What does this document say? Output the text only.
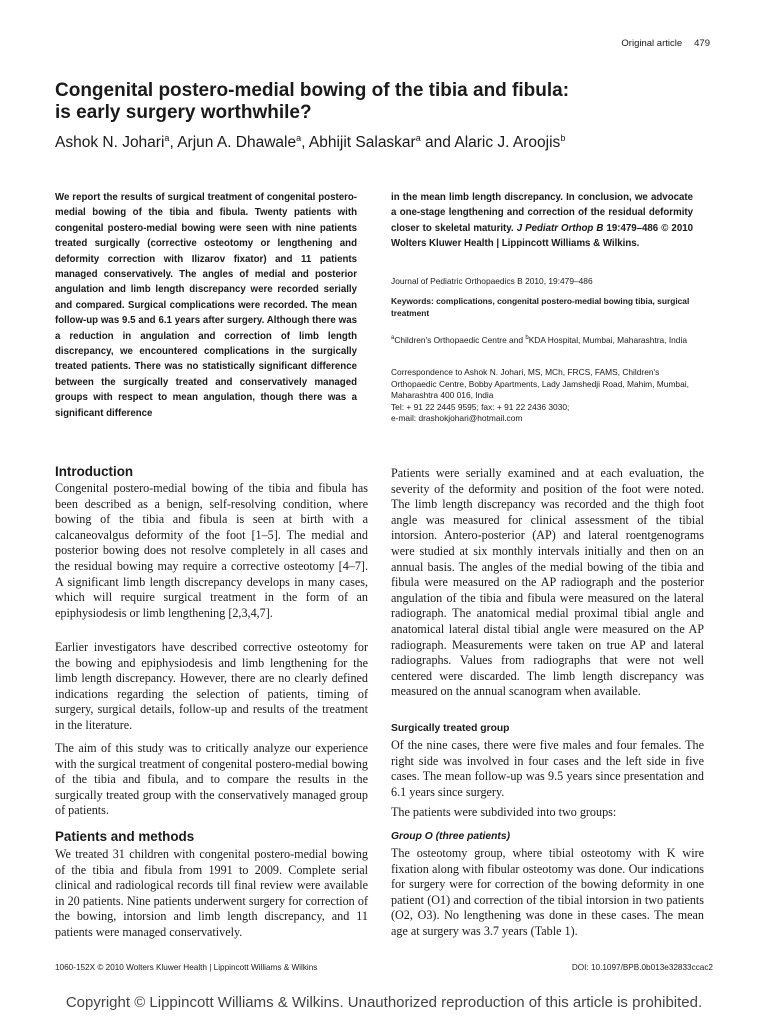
Original article 479
Congenital postero-medial bowing of the tibia and fibula:
is early surgery worthwhile?
Ashok N. Johari$^a$, Arjun A. Dhawale$^a$, Abhijit Salaskar$^a$ and Alaric J. Aroojis$^b$
We report the results of surgical treatment of congenital postero-medial bowing of the tibia and fibula. Twenty patients with congenital postero-medial bowing were seen with nine patients treated surgically (corrective osteotomy or lengthening and deformity correction with Ilizarov fixator) and 11 patients managed conservatively. The angles of medial and posterior angulation and limb length discrepancy were recorded serially and compared. Surgical complications were recorded. The mean follow-up was 9.5 and 6.1 years after surgery. Although there was a reduction in angulation and correction of limb length discrepancy, we encountered complications in the surgically treated patients. There was no statistically significant difference between the surgically treated and conservatively managed groups with respect to mean angulation, though there was a significant difference
in the mean limb length discrepancy. In conclusion, we advocate a one-stage lengthening and correction of the residual deformity closer to skeletal maturity. J Pediatr Orthop B 19:479–486 © 2010 Wolters Kluwer Health | Lippincott Williams & Wilkins.
Journal of Pediatric Orthopaedics B 2010, 19:479–486
Keywords: complications, congenital postero-medial bowing tibia, surgical treatment
$^a$Children's Orthopaedic Centre and $^b$KDA Hospital, Mumbai, Maharashtra, India
Correspondence to Ashok N. Johari, MS, MCh, FRCS, FAMS, Children's Orthopaedic Centre, Bobby Apartments, Lady Jamshedji Road, Mahim, Mumbai, Maharashtra 400 016, India
Tel: + 91 22 2445 9595; fax: + 91 22 2436 3030;
e-mail: drashokjohari@hotmail.com
Introduction

Congenital postero-medial bowing of the tibia and fibula has been described as a benign, self-resolving condition, where bowing of the tibia and fibula is seen at birth with a calcaneovalgus deformity of the foot [1–5]. The medial and posterior bowing does not resolve completely in all cases and the residual bowing may require a corrective osteotomy [4–7]. A significant limb length discrepancy develops in many cases, which will require surgical treatment in the form of an epiphysiodesis or limb lengthening [2,3,4,7].

Earlier investigators have described corrective osteotomy for the bowing and epiphysiodesis and limb lengthening for the limb length discrepancy. However, there are no clearly defined indications regarding the selection of patients, timing of surgery, surgical details, follow-up and results of the treatment in the literature.

The aim of this study was to critically analyze our experience with the surgical treatment of congenital postero-medial bowing of the tibia and fibula, and to compare the results in the surgically treated group with the conservatively managed group of patients.

Patients and methods

We treated 31 children with congenital postero-medial bowing of the tibia and fibula from 1991 to 2009. Complete serial clinical and radiological records till final review were available in 20 patients. Nine patients underwent surgery for correction of the bowing, intorsion and limb length discrepancy, and 11 patients were managed conservatively.

Patients were serially examined and at each evaluation, the severity of the deformity and position of the foot were noted. The limb length discrepancy was recorded and the thigh foot angle was measured for clinical assessment of the tibial intorsion. Antero-posterior (AP) and lateral roentgenograms were studied at six monthly intervals initially and then on an annual basis. The angles of the medial bowing of the tibia and fibula were measured on the AP radiograph and the posterior angulation of the tibia and fibula were measured on the lateral radiograph. The anatomical medial proximal tibial angle and anatomical lateral distal tibial angle were measured on the AP radiograph. Measurements were taken on true AP and lateral radiographs. Values from radiographs that were not well centered were discarded. The limb length discrepancy was measured on the annual scanogram when available.

Surgically treated group

Of the nine cases, there were five males and four females. The right side was involved in four cases and the left side in five cases. The mean follow-up was 9.5 years since presentation and 6.1 years since surgery.

The patients were subdivided into two groups:

Group O (three patients)

The osteotomy group, where tibial osteotomy with K wire fixation along with fibular osteotomy was done. Our indications for surgery were for correction of the bowing deformity in one patient (O1) and correction of the tibial intorsion in two patients (O2, O3). No lengthening was done in these cases. The mean age at surgery was 3.7 years (Table 1).

1060-152X © 2010 Wolters Kluwer Health | Lippincott Williams & Wilkins	DOI: 10.1097/BPB.0b013e32833ccac2
Copyright © Lippincott Williams & Wilkins. Unauthorized reproduction of this article is prohibited.
